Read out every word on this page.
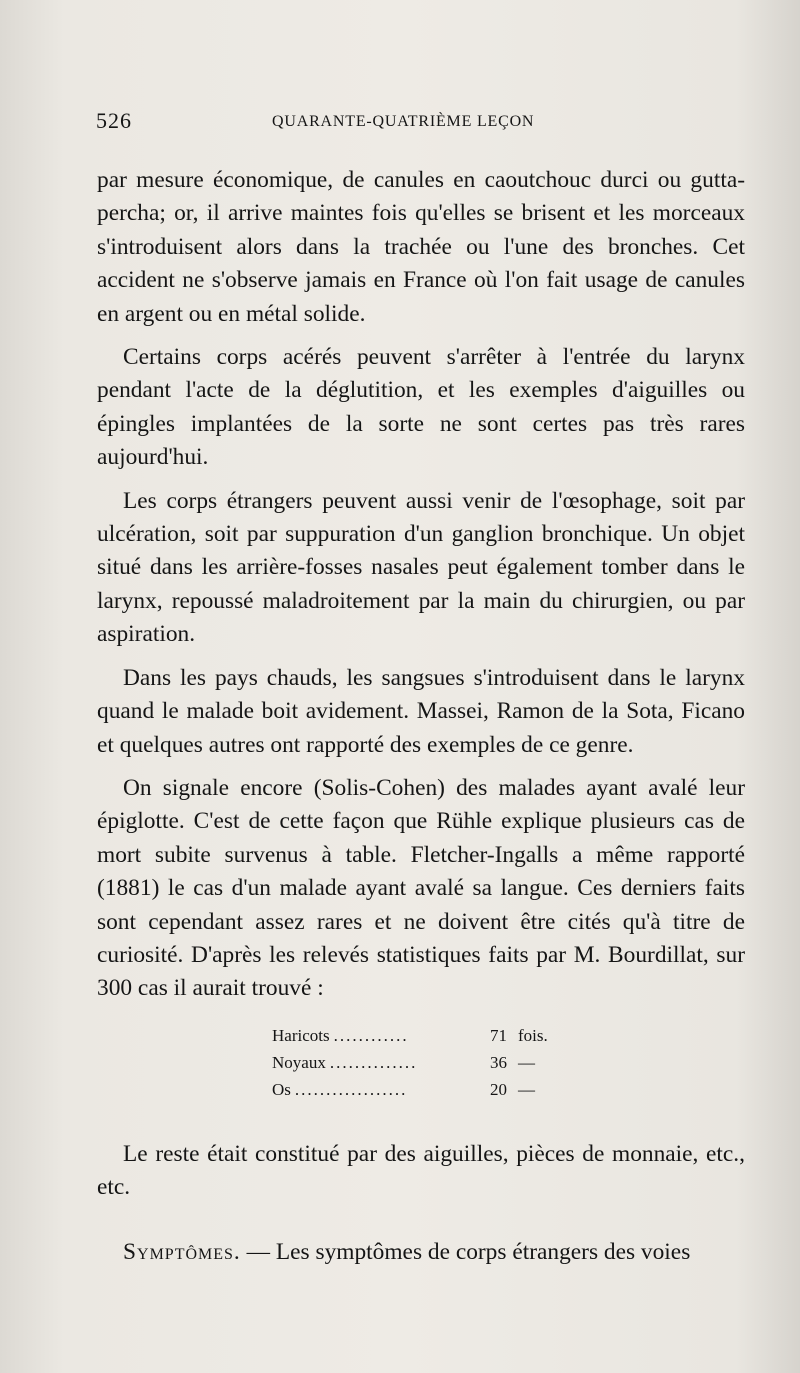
526	QUARANTE-QUATRIÈME LEÇON

par mesure économique, de canules en caoutchouc durci ou gutta-percha; or, il arrive maintes fois qu'elles se brisent et les morceaux s'introduisent alors dans la trachée ou l'une des bronches. Cet accident ne s'observe jamais en France où l'on fait usage de canules en argent ou en métal solide.

Certains corps acérés peuvent s'arrêter à l'entrée du larynx pendant l'acte de la déglutition, et les exemples d'aiguilles ou épingles implantées de la sorte ne sont certes pas très rares aujourd'hui.

Les corps étrangers peuvent aussi venir de l'œsophage, soit par ulcération, soit par suppuration d'un ganglion bronchique. Un objet situé dans les arrière-fosses nasales peut également tomber dans le larynx, repoussé maladroitement par la main du chirurgien, ou par aspiration.

Dans les pays chauds, les sangsues s'introduisent dans le larynx quand le malade boit avidement. Massei, Ramon de la Sota, Ficano et quelques autres ont rapporté des exemples de ce genre.

On signale encore (Solis-Cohen) des malades ayant avalé leur épiglotte. C'est de cette façon que Rühle explique plusieurs cas de mort subite survenus à table. Fletcher-Ingalls a même rapporté (1881) le cas d'un malade ayant avalé sa langue. Ces derniers faits sont cependant assez rares et ne doivent être cités qu'à titre de curiosité. D'après les relevés statistiques faits par M. Bourdillat, sur 300 cas il aurait trouvé :

Haricots ............	71 fois.
Noyaux ..............	36 —
Os ..................	20 —

Le reste était constitué par des aiguilles, pièces de monnaie, etc., etc.

Symptômes. — Les symptômes de corps étrangers des voies
